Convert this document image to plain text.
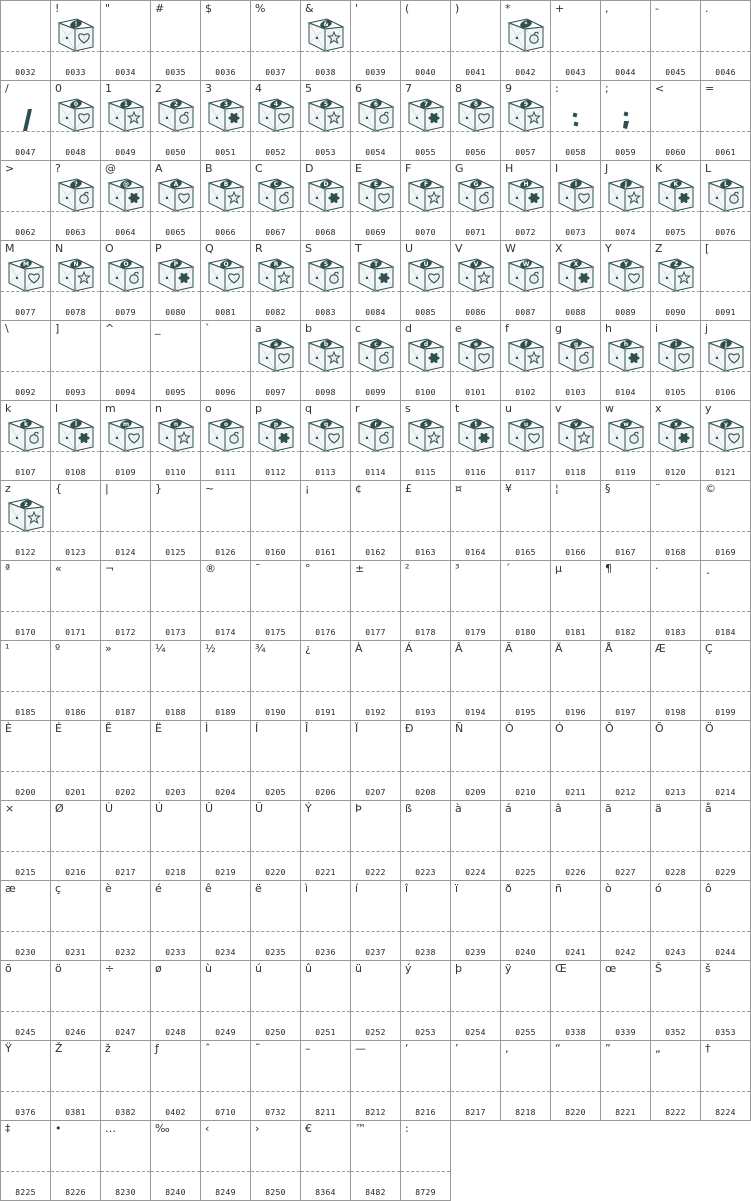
0032
!
!
0033
"
0034
#
0035
$
0036
%
0037
&
&
0038
'
0039
(
0040
)
0041
*
*
0042
+
0043
,
0044
-
0045
.
0046
/
0047
0
0
0048
1
1
0049
2
2
0050
3
3
0051
4
4
0052
5
5
0053
6
6
0054
7
7
0055
8
8
0056
9
9
0057
:
0058
;
0059
<
0060
=
0061
>
0062
?
?
0063
@
@
0064
A
A
0065
B
B
0066
C
C
0067
D
D
0068
E
E
0069
F
F
0070
G
G
0071
H
H
0072
I
I
0073
J
J
0074
K
K
0075
L
L
0076
M
M
0077
N
N
0078
O
O
0079
P
P
0080
Q
Q
0081
R
R
0082
S
S
0083
T
T
0084
U
U
0085
V
V
0086
W
W
0087
X
X
0088
Y
Y
0089
Z
Z
0090
[
0091
\
0092
]
0093
^
0094
_
0095
`
0096
a
a
0097
b
b
0098
c
c
0099
d
d
0100
e
e
0101
f
f
0102
g
g
0103
h
h
0104
i
i
0105
j
j
0106
k
k
0107
l
l
0108
m
m
0109
n
n
0110
o
o
0111
p
p
0112
q
q
0113
r
r
0114
s
s
0115
t
t
0116
u
u
0117
v
v
0118
w
w
0119
x
x
0120
y
y
0121
z
z
0122
{
0123
|
0124
}
0125
~
0126	0160
¡
0161
¢
0162
£
0163
¤
0164
¥
0165
¦
0166
§
0167
¨
0168
©
0169
ª
0170
«
0171
¬
0172	0173
®
0174
¯
0175
°
0176
±
0177
²
0178
³
0179
´
0180
µ
0181
¶
0182
·
0183
¸
0184
¹
0185
º
0186
»
0187
¼
0188
½
0189
¾
0190
¿
0191
À
0192
Á
0193
Â
0194
Ã
0195
Ä
0196
Å
0197
Æ
0198
Ç
0199
È
0200
É
0201
Ê
0202
Ë
0203
Ì
0204
Í
0205
Î
0206
Ï
0207
Ð
0208
Ñ
0209
Ò
0210
Ó
0211
Ô
0212
Õ
0213
Ö
0214
×
0215
Ø
0216
Ù
0217
Ú
0218
Û
0219
Ü
0220
Ý
0221
Þ
0222
ß
0223
à
0224
á
0225
â
0226
ã
0227
ä
0228
å
0229
æ
0230
ç
0231
è
0232
é
0233
ê
0234
ë
0235
ì
0236
í
0237
î
0238
ï
0239
ð
0240
ñ
0241
ò
0242
ó
0243
ô
0244
õ
0245
ö
0246
÷
0247
ø
0248
ù
0249
ú
0250
û
0251
ü
0252
ý
0253
þ
0254
ÿ
0255
Œ
0338
œ
0339
Š
0352
š
0353
Ÿ
0376
Ž
0381
ž
0382
ƒ
0402
ˆ
0710
˜
0732
–
8211
—
8212
‘
8216
’
8217
‚
8218
“
8220
”
8221
„
8222
†
8224
‡
8225
•
8226
…
8230
‰
8240
‹
8249
›
8250
€
8364
™
8482
:
8729
